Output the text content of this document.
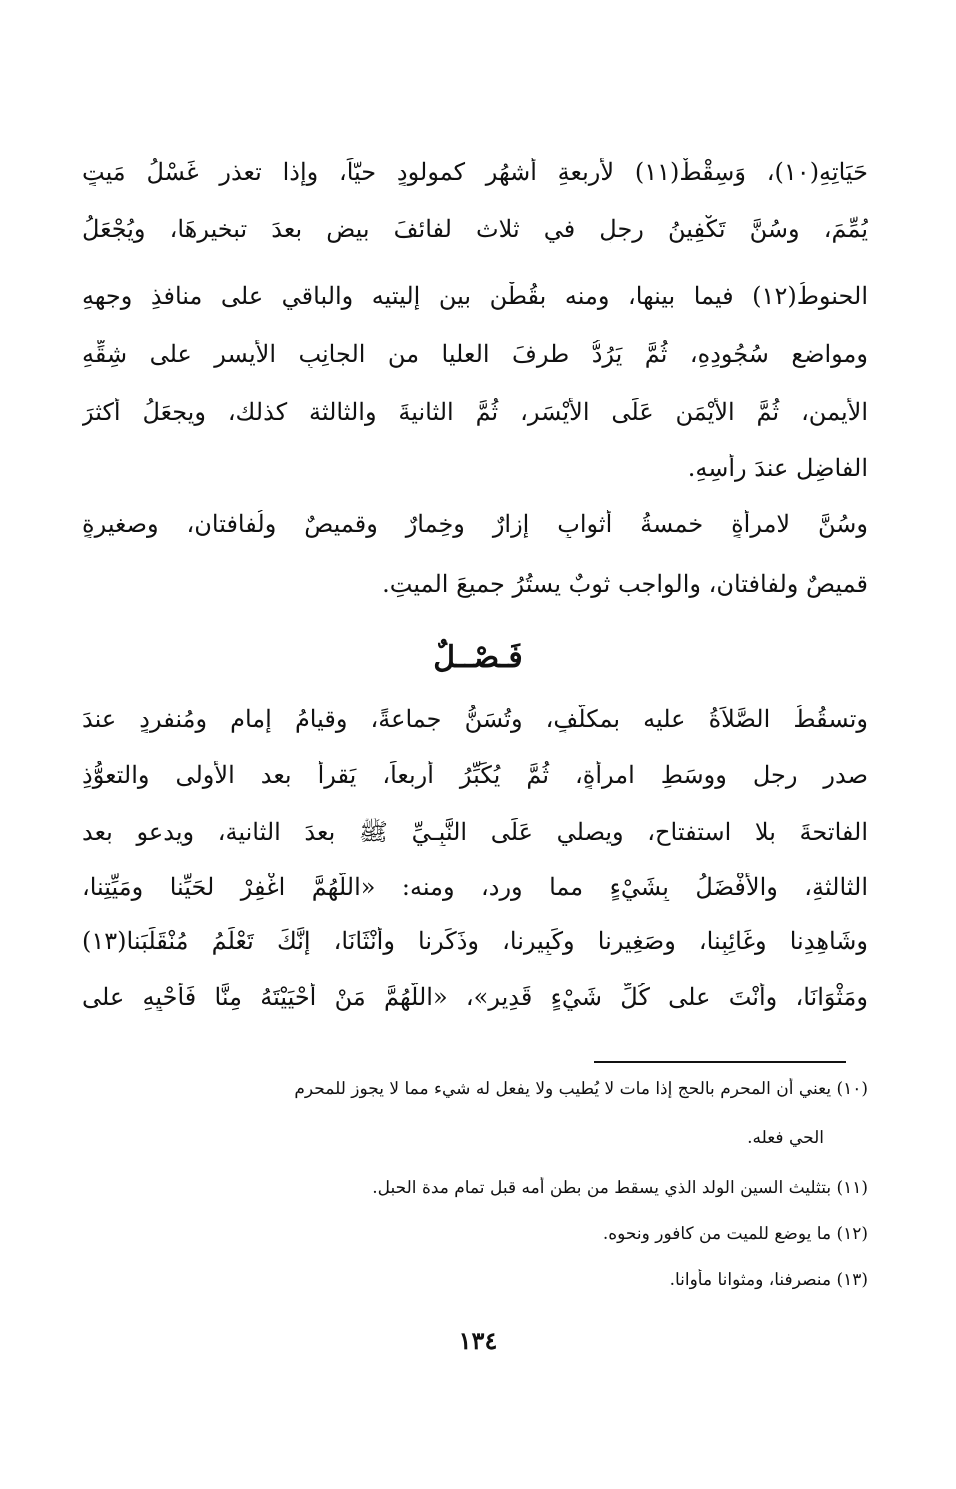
حَيَاتِهِ(١٠)، وَسِقْطٌ(١١) لأربعةِ أشهُرٍ كمولودٍ حيّاً، وإذا تعذر غَسْلُ مَيتٍ
يُمِّمَ، وسُنَّ تَكْفِينُ رجلٍ في ثلاث لفائفَ بيضٍ بعدَ تبخيرِهَا، ويُجْعَلُ
الحنوطُ(١٢) فيما بينها، ومنه بقُطْنٍ بين إليتيه والباقي على منافذِ وجهِهِ
ومواضعِ سُجُودِهِ، ثُمَّ يَرُدُّ طرفَ العليا من الجانِبِ الأيسرِ على شِقِّهِ
الأيمنِ، ثُمَّ الأيْمَن عَلَى الأيْسَر، ثُمَّ الثانيةَ والثالثة كذلك، ويجعَلُ أكثرَ
الفاضِلِ عندَ رأسِهِ.
وسُنَّ لامرأةٍ خمسةُ أثوابٍ إزارٌ وخِمارٌ وقميصٌ ولُفافتانِ، وصغيرةٍ
قميصٌ ولفافتان، والواجب ثوبٌ يستُرُ جميعَ الميتِ.
فَـصْــلٌ
وتسقُطُ الصَّلاَةُ عليه بمكلَّفٍ، وتُسَنُّ جماعةً، وقيامُ إمامٍ ومُنفردٍ عندَ
صدرِ رجل ووسَطِ امرأةٍ، ثُمَّ يُكَبِّرُ أربعاً، يَقرأ بعد الأُولى والتعوُّذِ
الفاتحةَ بلا استفتاحٍ، ويصلي عَلَى النَّبِـيِّ ﷺ بعدَ الثانية، ويدعو بعد
الثالثةِ، والأَفْضَلُ بِشَيْءٍ مما ورد، ومنه: «اللَّهُمَّ اغْفِرْ لحَيِّنا ومَيِّتِنا،
وشَاهِدِنا وغَائِبِنا، وصَغِيرِنا وكَبِيرِنا، وذَكَرِنا وأُنْثَانَا، إِنَّكَ تَعْلَمُ مُنْقَلَبَنا(١٣)
ومَثْوَانَا، وأَنْتَ على كُلِّ شَيْءٍ قَدِير»، «اللَّهُمَّ مَنْ أَحْيَيْتَهُ مِنَّا فَأَحْيِهِ على
(١٠) يعني أن المحرم بالحج إذا مات لا يُطيب ولا يفعل له شيء مما لا يجوز للمحرم
الحي فعله.
(١١) بتثليث السين الولد الذي يسقط من بطن أمه قبل تمام مدة الحبل.
(١٢) ما يوضع للميت من كافور ونحوه.
(١٣) منصرفنا، ومثوانا مأوانا.
١٣٤
